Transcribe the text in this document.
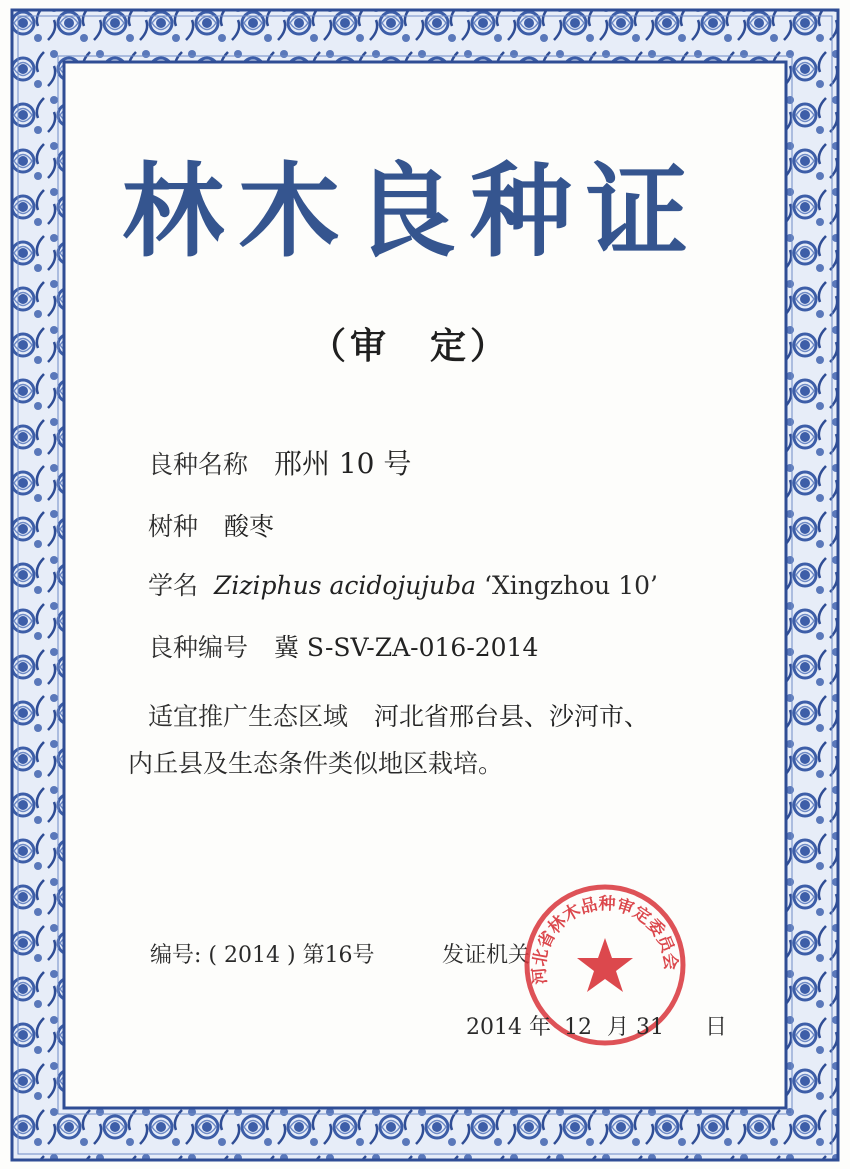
林木良种证
（审　定）
良种名称 邢州 10 号
树种 酸枣
学名 Ziziphus acidojujuba ‘Xingzhou 10’
良种编号 冀 S-SV-ZA-016-2014
适宜推广生态区域 河北省邢台县、沙河市、
内丘县及生态条件类似地区栽培。
编号: ( 2014 ) 第16号	发证机关
河北省林木品种审定委员会
2014 年 12 月 31 日
